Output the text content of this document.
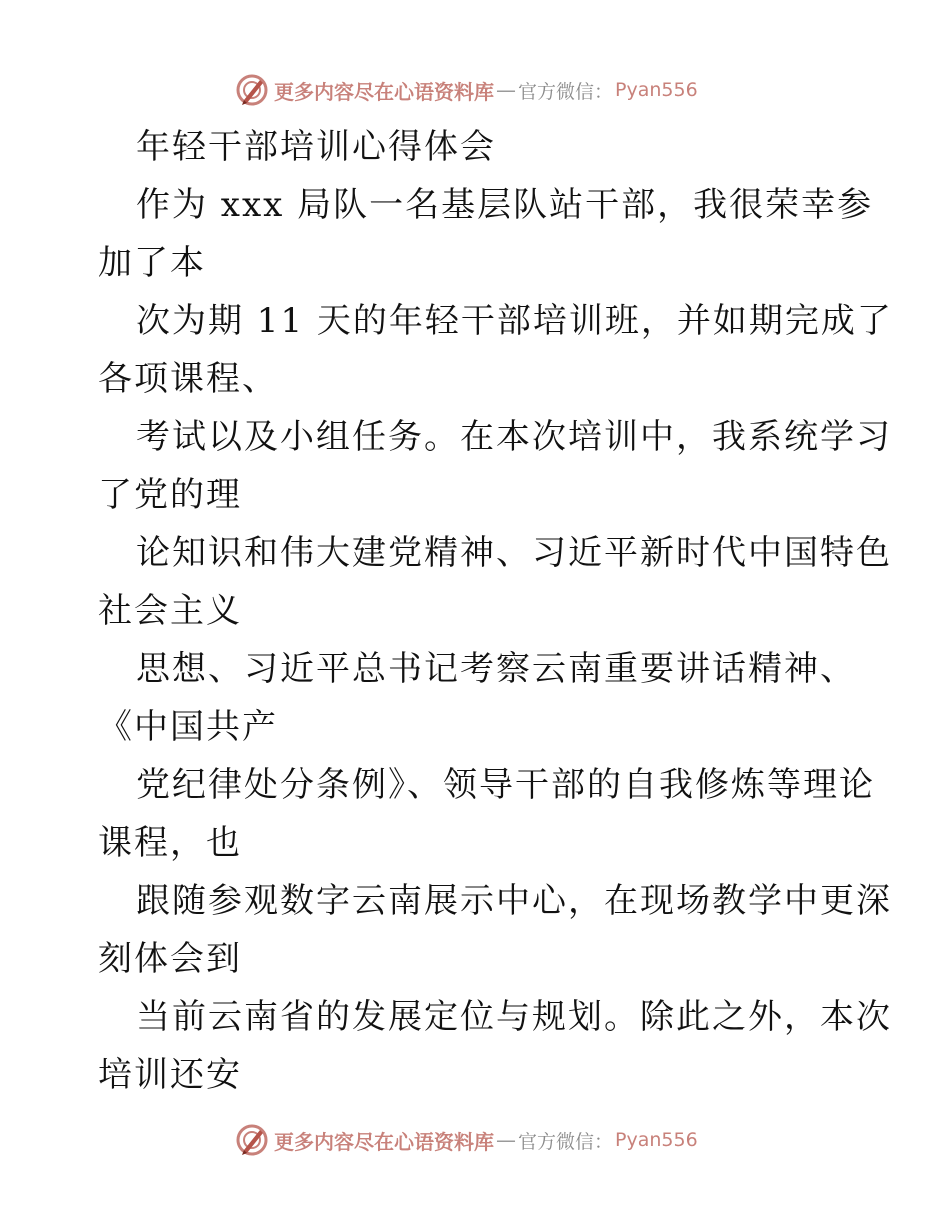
更多内容尽在心语资料库 — 官方微信： Pyan556
年轻干部培训心得体会
作为 xxx 局队一名基层队站干部，我很荣幸参
加了本
次为期 11 天的年轻干部培训班，并如期完成了
各项课程、
考试以及小组任务。在本次培训中，我系统学习
了党的理
论知识和伟大建党精神、习近平新时代中国特色
社会主义
思想、习近平总书记考察云南重要讲话精神、
《中国共产
党纪律处分条例》、领导干部的自我修炼等理论
课程，也
跟随参观数字云南展示中心，在现场教学中更深
刻体会到
当前云南省的发展定位与规划。除此之外，本次
培训还安
更多内容尽在心语资料库 — 官方微信： Pyan556
